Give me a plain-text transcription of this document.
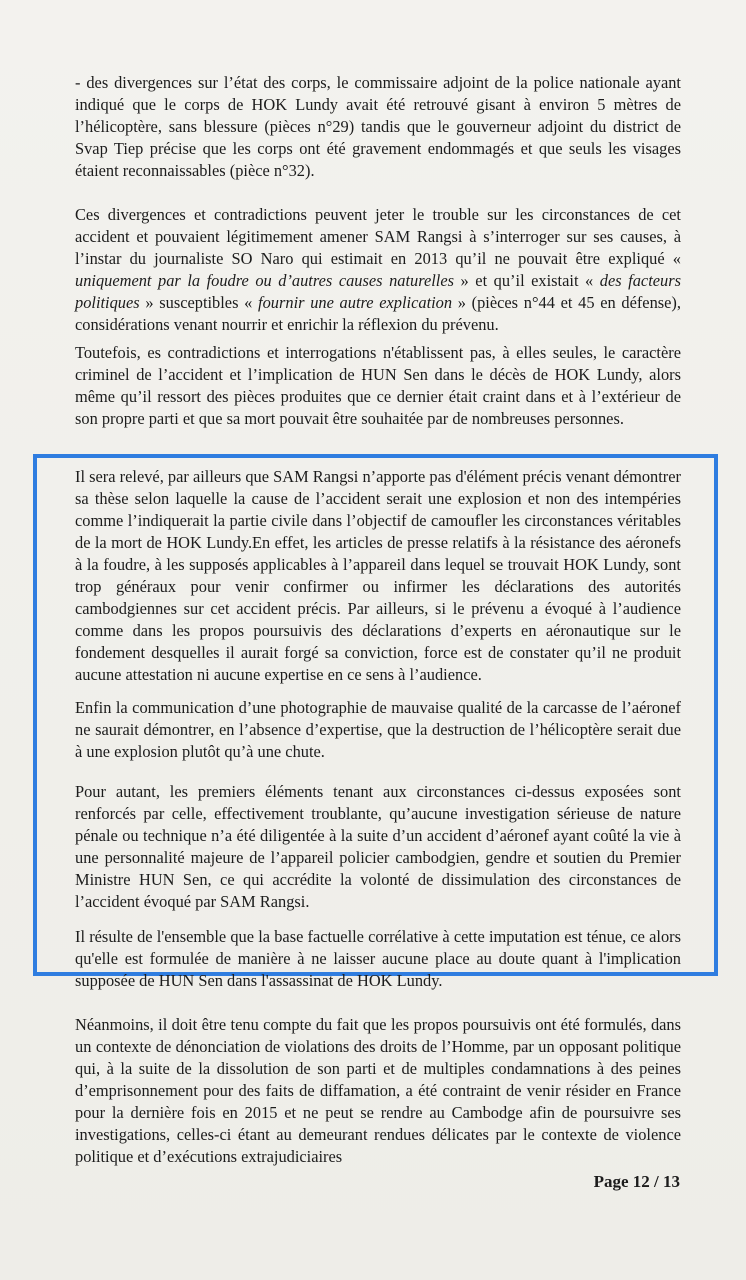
- des divergences sur l’état des corps, le commissaire adjoint de la police nationale ayant indiqué que le corps de HOK Lundy avait été retrouvé gisant à environ 5 mètres de l’hélicoptère, sans blessure (pièces n°29) tandis que le gouverneur adjoint du district de Svap Tiep précise que les corps ont été gravement endommagés et que seuls les visages étaient reconnaissables (pièce n°32).

Ces divergences et contradictions peuvent jeter le trouble sur les circonstances de cet accident et pouvaient légitimement amener SAM Rangsi à s’interroger sur ses causes, à l’instar du journaliste SO Naro qui estimait en 2013 qu’il ne pouvait être expliqué « uniquement par la foudre ou d’autres causes naturelles » et qu’il existait « des facteurs politiques » susceptibles « fournir une autre explication » (pièces n°44 et 45 en défense), considérations venant nourrir et enrichir la réflexion du prévenu.

Toutefois, es contradictions et interrogations n'établissent pas, à elles seules, le caractère criminel de l’accident et l’implication de HUN Sen dans le décès de HOK Lundy, alors même qu’il ressort des pièces produites que ce dernier était craint dans et à l’extérieur de son propre parti et que sa mort pouvait être souhaitée par de nombreuses personnes.

Il sera relevé, par ailleurs que SAM Rangsi n’apporte pas d'élément précis venant démontrer sa thèse selon laquelle la cause de l’accident serait une explosion et non des intempéries comme l’indiquerait la partie civile dans l’objectif de camoufler les circonstances véritables de la mort de HOK Lundy.En effet, les articles de presse relatifs à la résistance des aéronefs à la foudre, à les supposés applicables à l’appareil dans lequel se trouvait HOK Lundy, sont trop généraux pour venir confirmer ou infirmer les déclarations des autorités cambodgiennes sur cet accident précis. Par ailleurs, si le prévenu a évoqué à l’audience comme dans les propos poursuivis des déclarations d’experts en aéronautique sur le fondement desquelles il aurait forgé sa conviction, force est de constater qu’il ne produit aucune attestation ni aucune expertise en ce sens à l’audience.

Enfin la communication d’une photographie de mauvaise qualité de la carcasse de l’aéronef ne saurait démontrer, en l’absence d’expertise, que la destruction de l’hélicoptère serait due à une explosion plutôt qu’à une chute.

Pour autant, les premiers éléments tenant aux circonstances ci-dessus exposées sont renforcés par celle, effectivement troublante, qu’aucune investigation sérieuse de nature pénale ou technique n’a été diligentée à la suite d’un accident d’aéronef ayant coûté la vie à une personnalité majeure de l’appareil policier cambodgien, gendre et soutien du Premier Ministre HUN Sen, ce qui accrédite la volonté de dissimulation des circonstances de l’accident évoqué par SAM Rangsi.

Il résulte de l'ensemble que la base factuelle corrélative à cette imputation est ténue, ce alors qu'elle est formulée de manière à ne laisser aucune place au doute quant à l'implication supposée de HUN Sen dans l'assassinat de HOK Lundy.

Néanmoins, il doit être tenu compte du fait que les propos poursuivis ont été formulés, dans un contexte de dénonciation de violations des droits de l’Homme, par un opposant politique qui, à la suite de la dissolution de son parti et de multiples condamnations à des peines d’emprisonnement pour des faits de diffamation, a été contraint de venir résider en France pour la dernière fois en 2015 et ne peut se rendre au Cambodge afin de poursuivre ses investigations, celles-ci étant au demeurant rendues délicates par le contexte de violence politique et d’exécutions extrajudiciaires

Page 12 / 13
